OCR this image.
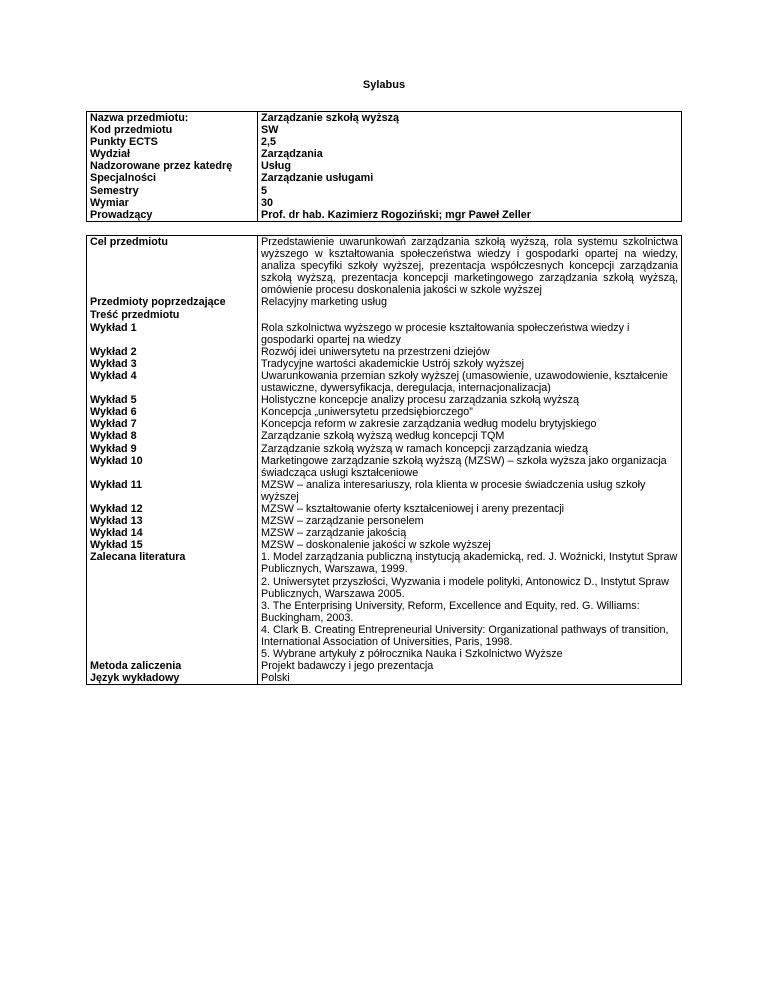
Sylabus
Nazwa przedmiotu:	Zarządzanie szkołą wyższą
Kod przedmiotu	SW
Punkty ECTS	2,5
Wydział	Zarządzania
Nadzorowane przez katedrę	Usług
Specjalności	Zarządzanie usługami
Semestry	5
Wymiar	30
Prowadzący	Prof. dr hab. Kazimierz Rogoziński; mgr Paweł Zeller
Cel przedmiotu	Przedstawienie uwarunkowań zarządzania szkołą wyższą, rola systemu szkolnictwa wyższego w kształtowania społeczeństwa wiedzy i gospodarki opartej na wiedzy, analiza specyfiki szkoły wyższej, prezentacja współczesnych koncepcji zarządzania szkołą wyższą, prezentacja koncepcji marketingowego zarządzania szkołą wyższą, omówienie procesu doskonalenia jakości w szkole wyższej
Przedmioty poprzedzające	Relacyjny marketing usług
Treść przedmiotu	
Wykład 1	Rola szkolnictwa wyższego w procesie kształtowania społeczeństwa wiedzy i gospodarki opartej na wiedzy
Wykład 2	Rozwój idei uniwersytetu na przestrzeni dziejów
Wykład 3	Tradycyjne wartości akademickie Ustrój szkoły wyższej
Wykład 4	Uwarunkowania przemian szkoły wyższej (umasowienie, uzawodowienie, kształcenie ustawiczne, dywersyfikacja, deregulacja, internacjonalizacja)
Wykład 5	Holistyczne koncepcje analizy procesu zarządzania szkołą wyższą
Wykład 6	Koncepcja „uniwersytetu przedsiębiorczego”
Wykład 7	Koncepcja reform w zakresie zarządzania według modelu brytyjskiego
Wykład 8	Zarządzanie szkołą wyższą według koncepcji TQM
Wykład 9	Zarządzanie szkołą wyższą w ramach koncepcji zarządzania wiedzą
Wykład 10	Marketingowe zarządzanie szkołą wyższą (MZSW) – szkoła wyższa jako organizacja świadcząca usługi kształceniowe
Wykład 11	MZSW – analiza interesariuszy, rola klienta w procesie świadczenia usług szkoły wyższej
Wykład 12	MZSW – kształtowanie oferty kształceniowej i areny prezentacji
Wykład 13	MZSW – zarządzanie personelem
Wykład 14	MZSW – zarządzanie jakością
Wykład 15	MZSW – doskonalenie jakości w szkole wyższej

Zalecana literatura	1. Model zarządzania publiczną instytucją akademicką, red. J. Woźnicki, Instytut Spraw Publicznych, Warszawa, 1999.
2. Uniwersytet przyszłości, Wyzwania i modele polityki, Antonowicz D., Instytut Spraw Publicznych, Warszawa 2005.
3. The Enterprising University, Reform, Excellence and Equity, red. G. Williams: Buckingham, 2003.
4. Clark B. Creating Entrepreneurial University: Organizational pathways of transition, International Association of Universities, Paris, 1998.
5. Wybrane artykuły z półrocznika Nauka i Szkolnictwo Wyższe

Metoda zaliczenia	Projekt badawczy i jego prezentacja
Język wykładowy	Polski
